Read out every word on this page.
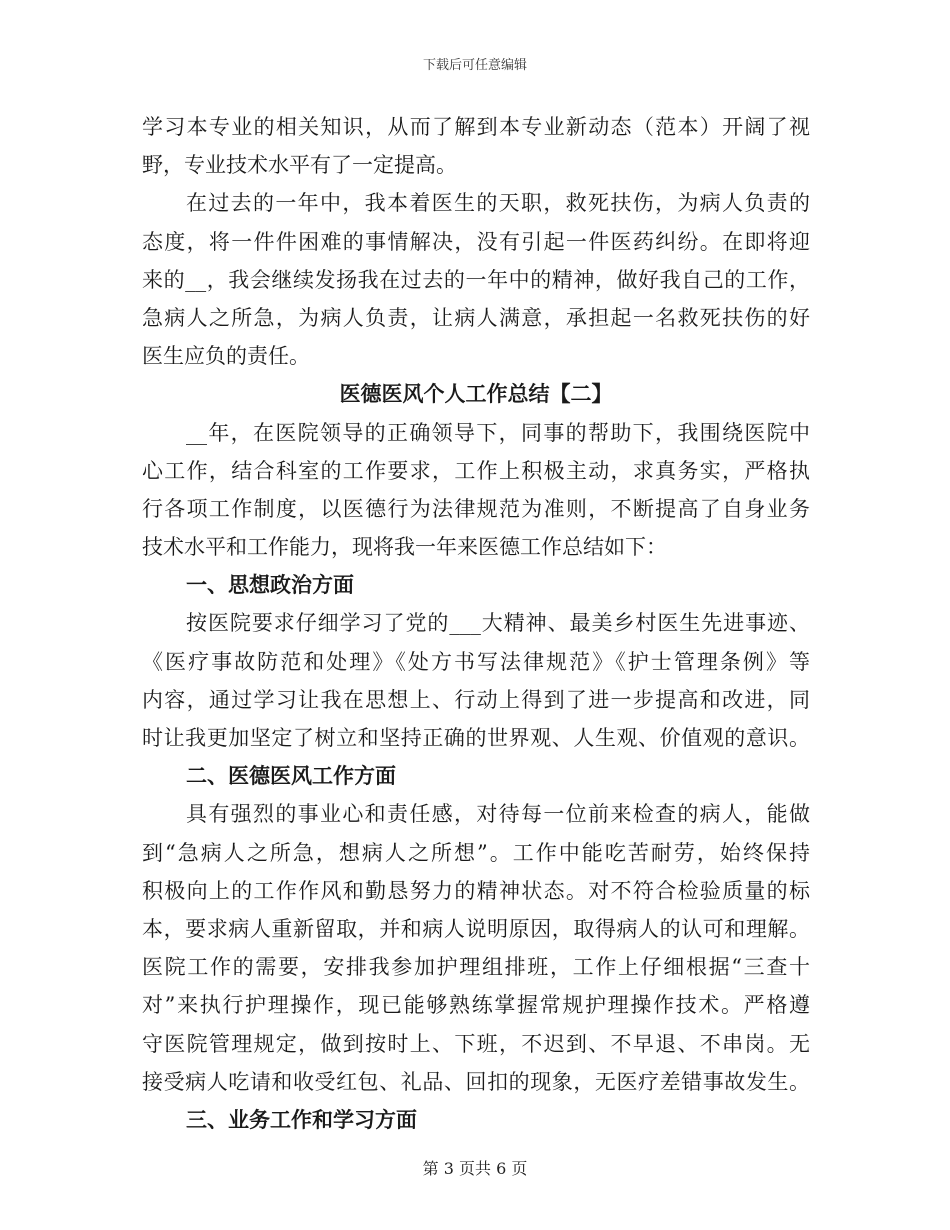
下载后可任意编辑
学习本专业的相关知识，从而了解到本专业新动态（范本）开阔了视
野，专业技术水平有了一定提高。
在过去的一年中，我本着医生的天职，救死扶伤，为病人负责的
态度，将一件件困难的事情解决，没有引起一件医药纠纷。在即将迎
来的__，我会继续发扬我在过去的一年中的精神，做好我自己的工作，
急病人之所急，为病人负责，让病人满意，承担起一名救死扶伤的好
医生应负的责任。
医德医风个人工作总结【二】
__年，在医院领导的正确领导下，同事的帮助下，我围绕医院中
心工作，结合科室的工作要求，工作上积极主动，求真务实，严格执
行各项工作制度，以医德行为法律规范为准则，不断提高了自身业务
技术水平和工作能力，现将我一年来医德工作总结如下：
一、思想政治方面
按医院要求仔细学习了党的___大精神、最美乡村医生先进事迹、
《医疗事故防范和处理》《处方书写法律规范》《护士管理条例》等
内容，通过学习让我在思想上、行动上得到了进一步提高和改进，同
时让我更加坚定了树立和坚持正确的世界观、人生观、价值观的意识。
二、医德医风工作方面
具有强烈的事业心和责任感，对待每一位前来检查的病人，能做
到“急病人之所急，想病人之所想”。工作中能吃苦耐劳，始终保持
积极向上的工作作风和勤恳努力的精神状态。对不符合检验质量的标
本，要求病人重新留取，并和病人说明原因，取得病人的认可和理解。
医院工作的需要，安排我参加护理组排班，工作上仔细根据“三查十
对”来执行护理操作，现已能够熟练掌握常规护理操作技术。严格遵
守医院管理规定，做到按时上、下班，不迟到、不早退、不串岗。无
接受病人吃请和收受红包、礼品、回扣的现象，无医疗差错事故发生。
三、业务工作和学习方面
第 3 页共 6 页
